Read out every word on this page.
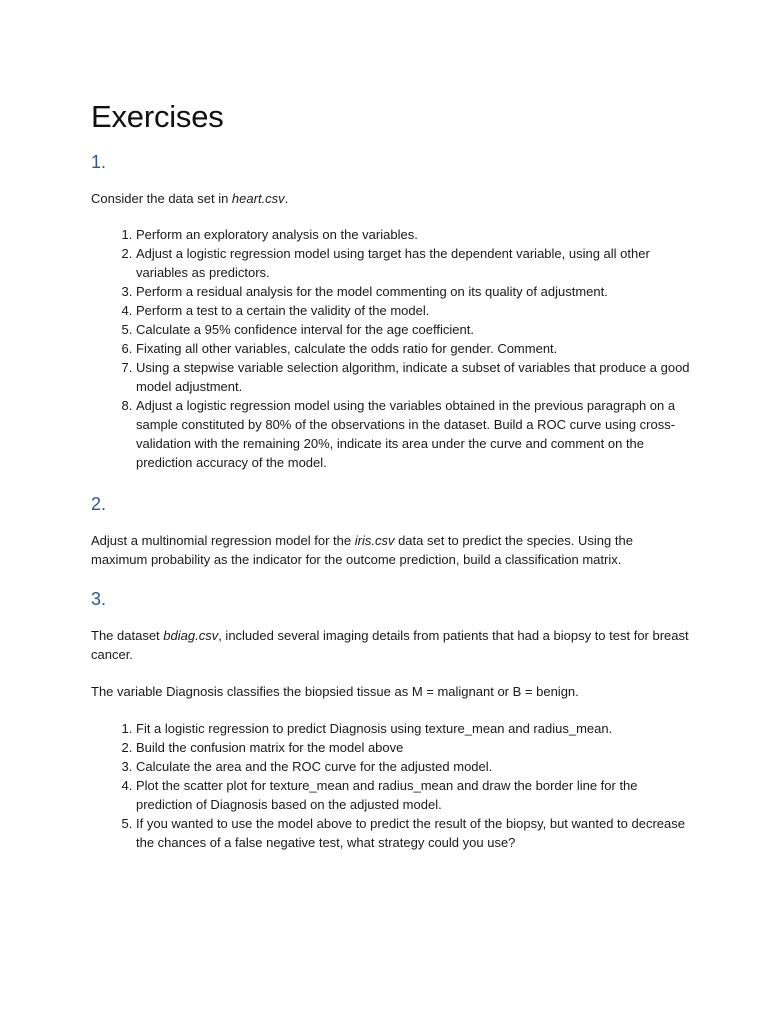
Exercises
1.

Consider the data set in heart.csv.

1. Perform an exploratory analysis on the variables.
2. Adjust a logistic regression model using target has the dependent variable, using all other variables as predictors.
3. Perform a residual analysis for the model commenting on its quality of adjustment.
4. Perform a test to a certain the validity of the model.
5. Calculate a 95% confidence interval for the age coefficient.
6. Fixating all other variables, calculate the odds ratio for gender. Comment.
7. Using a stepwise variable selection algorithm, indicate a subset of variables that produce a good model adjustment.
8. Adjust a logistic regression model using the variables obtained in the previous paragraph on a sample constituted by 80% of the observations in the dataset. Build a ROC curve using cross-validation with the remaining 20%, indicate its area under the curve and comment on the prediction accuracy of the model.
2.

Adjust a multinomial regression model for the iris.csv data set to predict the species. Using the maximum probability as the indicator for the outcome prediction, build a classification matrix.

3.

The dataset bdiag.csv, included several imaging details from patients that had a biopsy to test for breast cancer.

The variable Diagnosis classifies the biopsied tissue as M = malignant or B = benign.

1. Fit a logistic regression to predict Diagnosis using texture_mean and radius_mean.
2. Build the confusion matrix for the model above
3. Calculate the area and the ROC curve for the adjusted model.
4. Plot the scatter plot for texture_mean and radius_mean and draw the border line for the prediction of Diagnosis based on the adjusted model.
5. If you wanted to use the model above to predict the result of the biopsy, but wanted to decrease the chances of a false negative test, what strategy could you use?
